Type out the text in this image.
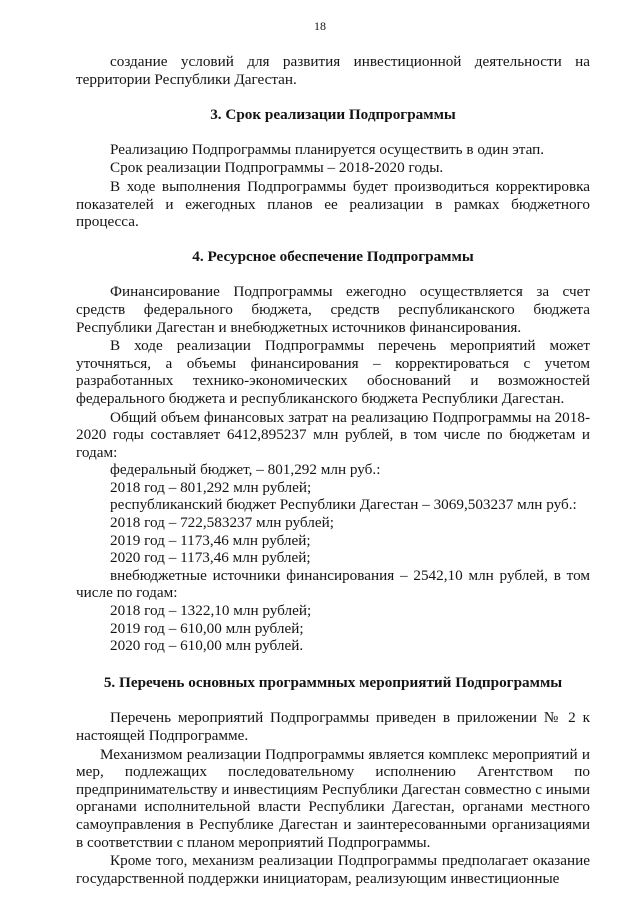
18

создание условий для развития инвестиционной деятельности на территории Республики Дагестан.

3. Срок реализации Подпрограммы

Реализацию Подпрограммы планируется осуществить в один этап.

Срок реализации Подпрограммы – 2018-2020 годы.

В ходе выполнения Подпрограммы будет производиться корректировка показателей и ежегодных планов ее реализации в рамках бюджетного процесса.

4. Ресурсное обеспечение Подпрограммы

Финансирование Подпрограммы ежегодно осуществляется за счет средств федерального бюджета, средств республиканского бюджета Республики Дагестан и внебюджетных источников финансирования.

В ходе реализации Подпрограммы перечень мероприятий может уточняться, а объемы финансирования – корректироваться с учетом разработанных технико-экономических обоснований и возможностей федерального бюджета и республиканского бюджета Республики Дагестан.

Общий объем финансовых затрат на реализацию Подпрограммы на 2018-2020 годы составляет 6412,895237 млн рублей, в том числе по бюджетам и годам:

федеральный бюджет, – 801,292 млн руб.:

2018 год – 801,292 млн рублей;

республиканский бюджет Республики Дагестан – 3069,503237 млн руб.:

2018 год – 722,583237 млн рублей;

2019 год – 1173,46 млн рублей;

2020 год – 1173,46 млн рублей;

внебюджетные источники финансирования – 2542,10 млн рублей, в том числе по годам:

2018 год – 1322,10 млн рублей;

2019 год – 610,00 млн рублей;

2020 год – 610,00 млн рублей.

5. Перечень основных программных мероприятий Подпрограммы

Перечень мероприятий Подпрограммы приведен в приложении № 2 к настоящей Подпрограмме.

Механизмом реализации Подпрограммы является комплекс мероприятий и мер, подлежащих последовательному исполнению Агентством по предпринимательству и инвестициям Республики Дагестан совместно с иными органами исполнительной власти Республики Дагестан, органами местного самоуправления в Республике Дагестан и заинтересованными организациями в соответствии с планом мероприятий Подпрограммы.

Кроме того, механизм реализации Подпрограммы предполагает оказание государственной поддержки инициаторам, реализующим инвестиционные
